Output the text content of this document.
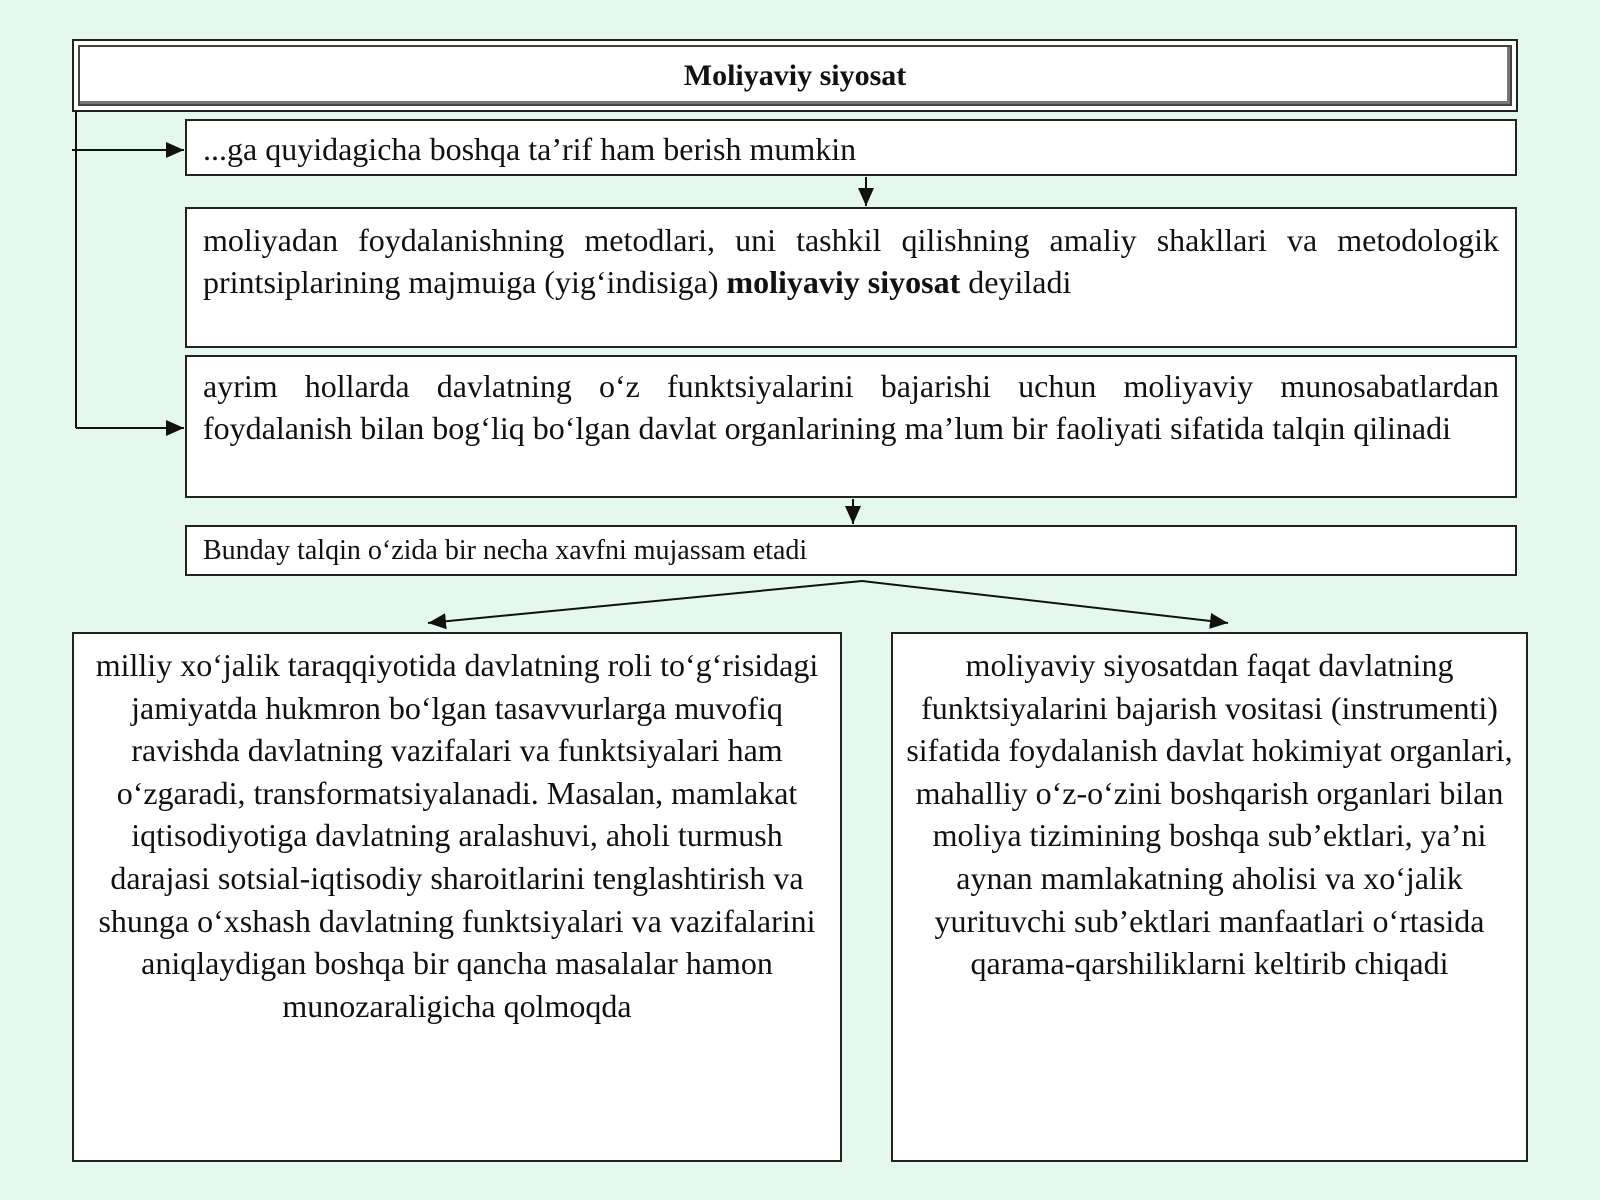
Moliyaviy siyosat

...ga quyidagicha boshqa ta’rif ham berish mumkin

moliyadan foydalanishning metodlari, uni tashkil qilishning amaliy shakllari va metodologik printsiplarining majmuiga (yig‘indisiga) moliyaviy siyosat deyiladi

ayrim hollarda davlatning o‘z funktsiyalarini bajarishi uchun moliyaviy munosabatlardan foydalanish bilan bog‘liq bo‘lgan davlat organlarining ma’lum bir faoliyati sifatida talqin qilinadi

Bunday talqin o‘zida bir necha xavfni mujassam etadi

milliy xo‘jalik taraqqiyotida davlatning roli to‘g‘risidagi jamiyatda hukmron bo‘lgan tasavvurlarga muvofiq ravishda davlatning vazifalari va funktsiyalari ham o‘zgaradi, transformatsiyalanadi. Masalan, mamlakat iqtisodiyotiga davlatning aralashuvi, aholi turmush darajasi sotsial-iqtisodiy sharoitlarini tenglashtirish va shunga o‘xshash davlatning funktsiyalari va vazifalarini aniqlaydigan boshqa bir qancha masalalar hamon munozaraligicha qolmoqda

moliyaviy siyosatdan faqat davlatning funktsiyalarini bajarish vositasi (instrumenti) sifatida foydalanish davlat hokimiyat organlari, mahalliy o‘z-o‘zini boshqarish organlari bilan moliya tizimining boshqa sub’ektlari, ya’ni aynan mamlakatning aholisi va xo‘jalik yurituvchi sub’ektlari manfaatlari o‘rtasida qarama-qarshiliklarni keltirib chiqadi
